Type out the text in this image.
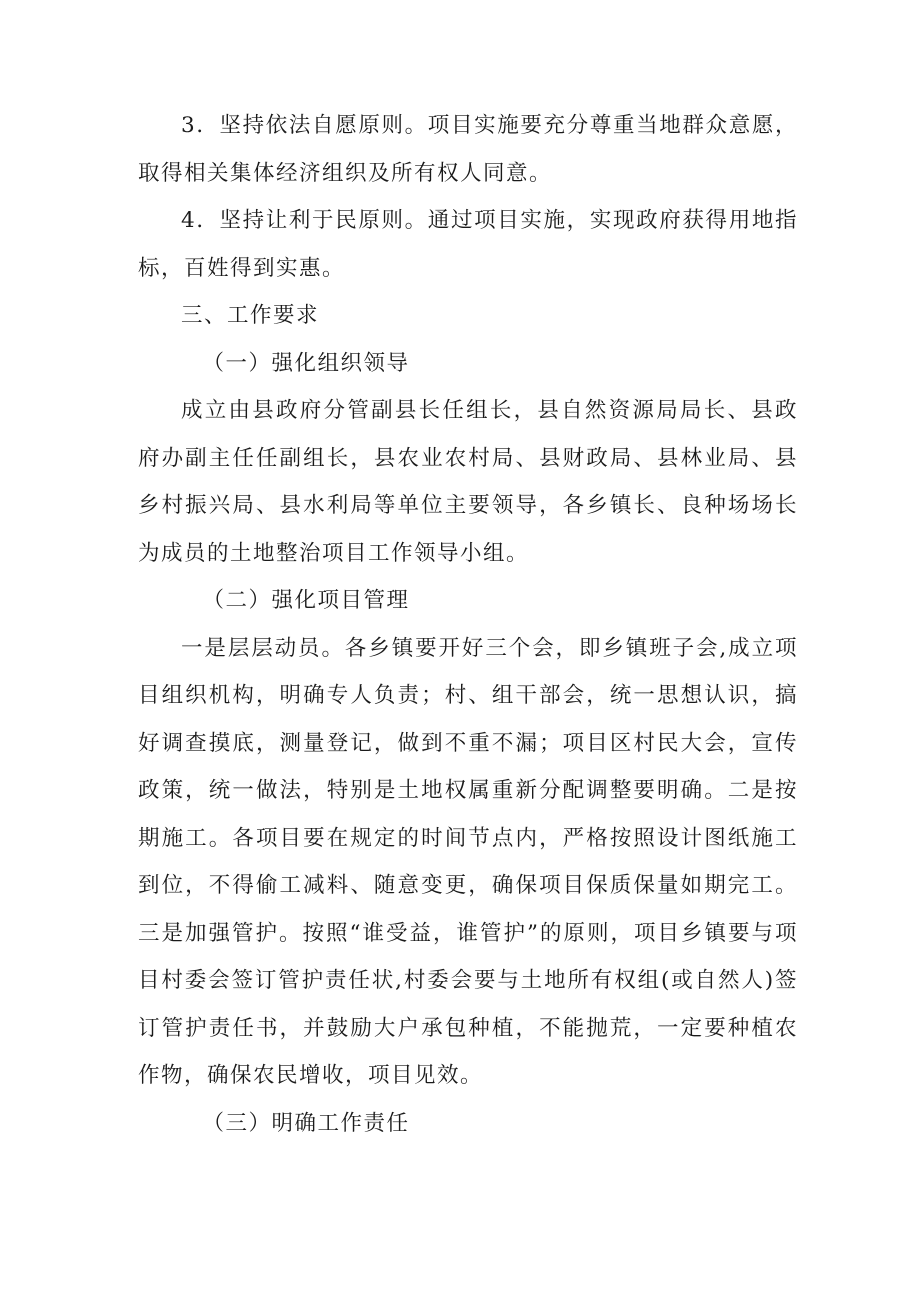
3．坚持依法自愿原则。项目实施要充分尊重当地群众意愿，取得相关集体经济组织及所有权人同意。

4．坚持让利于民原则。通过项目实施，实现政府获得用地指标，百姓得到实惠。

三、工作要求

（一）强化组织领导

成立由县政府分管副县长任组长，县自然资源局局长、县政府办副主任任副组长，县农业农村局、县财政局、县林业局、县乡村振兴局、县水利局等单位主要领导，各乡镇长、良种场场长为成员的土地整治项目工作领导小组。

（二）强化项目管理

一是层层动员。各乡镇要开好三个会，即乡镇班子会,成立项目组织机构，明确专人负责；村、组干部会，统一思想认识，搞好调查摸底，测量登记，做到不重不漏；项目区村民大会，宣传政策，统一做法，特别是土地权属重新分配调整要明确。二是按期施工。各项目要在规定的时间节点内，严格按照设计图纸施工到位，不得偷工减料、随意变更，确保项目保质保量如期完工。三是加强管护。按照“谁受益，谁管护”的原则，项目乡镇要与项目村委会签订管护责任状,村委会要与土地所有权组(或自然人)签订管护责任书，并鼓励大户承包种植，不能抛荒，一定要种植农作物，确保农民增收，项目见效。

（三）明确工作责任
